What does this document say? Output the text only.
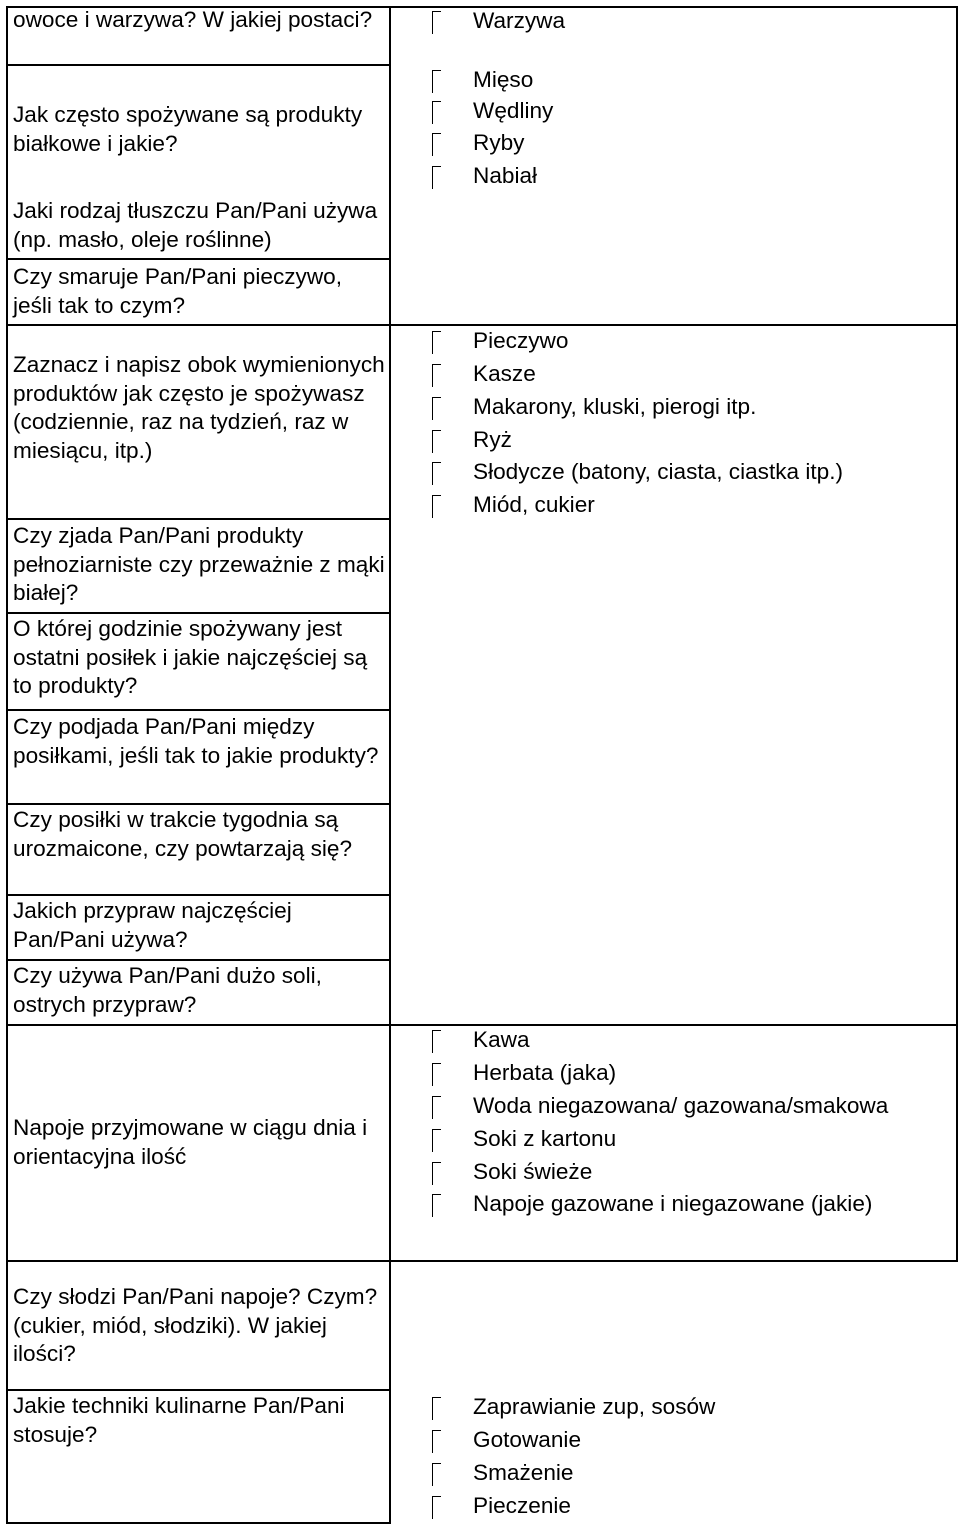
owoce i warzywa? W jakiej postaci?
Jak często spożywane są produkty białkowe i jakie?
Jaki rodzaj tłuszczu Pan/Pani używa (np. masło, oleje roślinne)
Czy smaruje Pan/Pani pieczywo, jeśli tak to czym?
Zaznacz i napisz obok wymienionych produktów jak często je spożywasz (codziennie, raz na tydzień, raz w miesiącu, itp.)
Czy zjada Pan/Pani produkty pełnoziarniste czy przeważnie z mąki białej?
O której godzinie spożywany jest ostatni posiłek i jakie najczęściej są to produkty?
Czy podjada Pan/Pani między posiłkami, jeśli tak to jakie produkty?
Czy posiłki w trakcie tygodnia są urozmaicone, czy powtarzają się?
Jakich przypraw najczęściej Pan/Pani używa?
Czy używa Pan/Pani dużo soli, ostrych przypraw?
Napoje przyjmowane w ciągu dnia i orientacyjna ilość
Czy słodzi Pan/Pani napoje? Czym? (cukier, miód, słodziki). W jakiej ilości?
Jakie techniki kulinarne Pan/Pani stosuje?
Warzywa
Mięso
Wędliny
Ryby
Nabiał
Pieczywo
Kasze
Makarony, kluski, pierogi itp.
Ryż
Słodycze (batony, ciasta, ciastka itp.)
Miód, cukier
Kawa
Herbata (jaka)
Woda niegazowana/ gazowana/smakowa
Soki z kartonu
Soki świeże
Napoje gazowane i niegazowane (jakie)
Zaprawianie zup, sosów
Gotowanie
Smażenie
Pieczenie
